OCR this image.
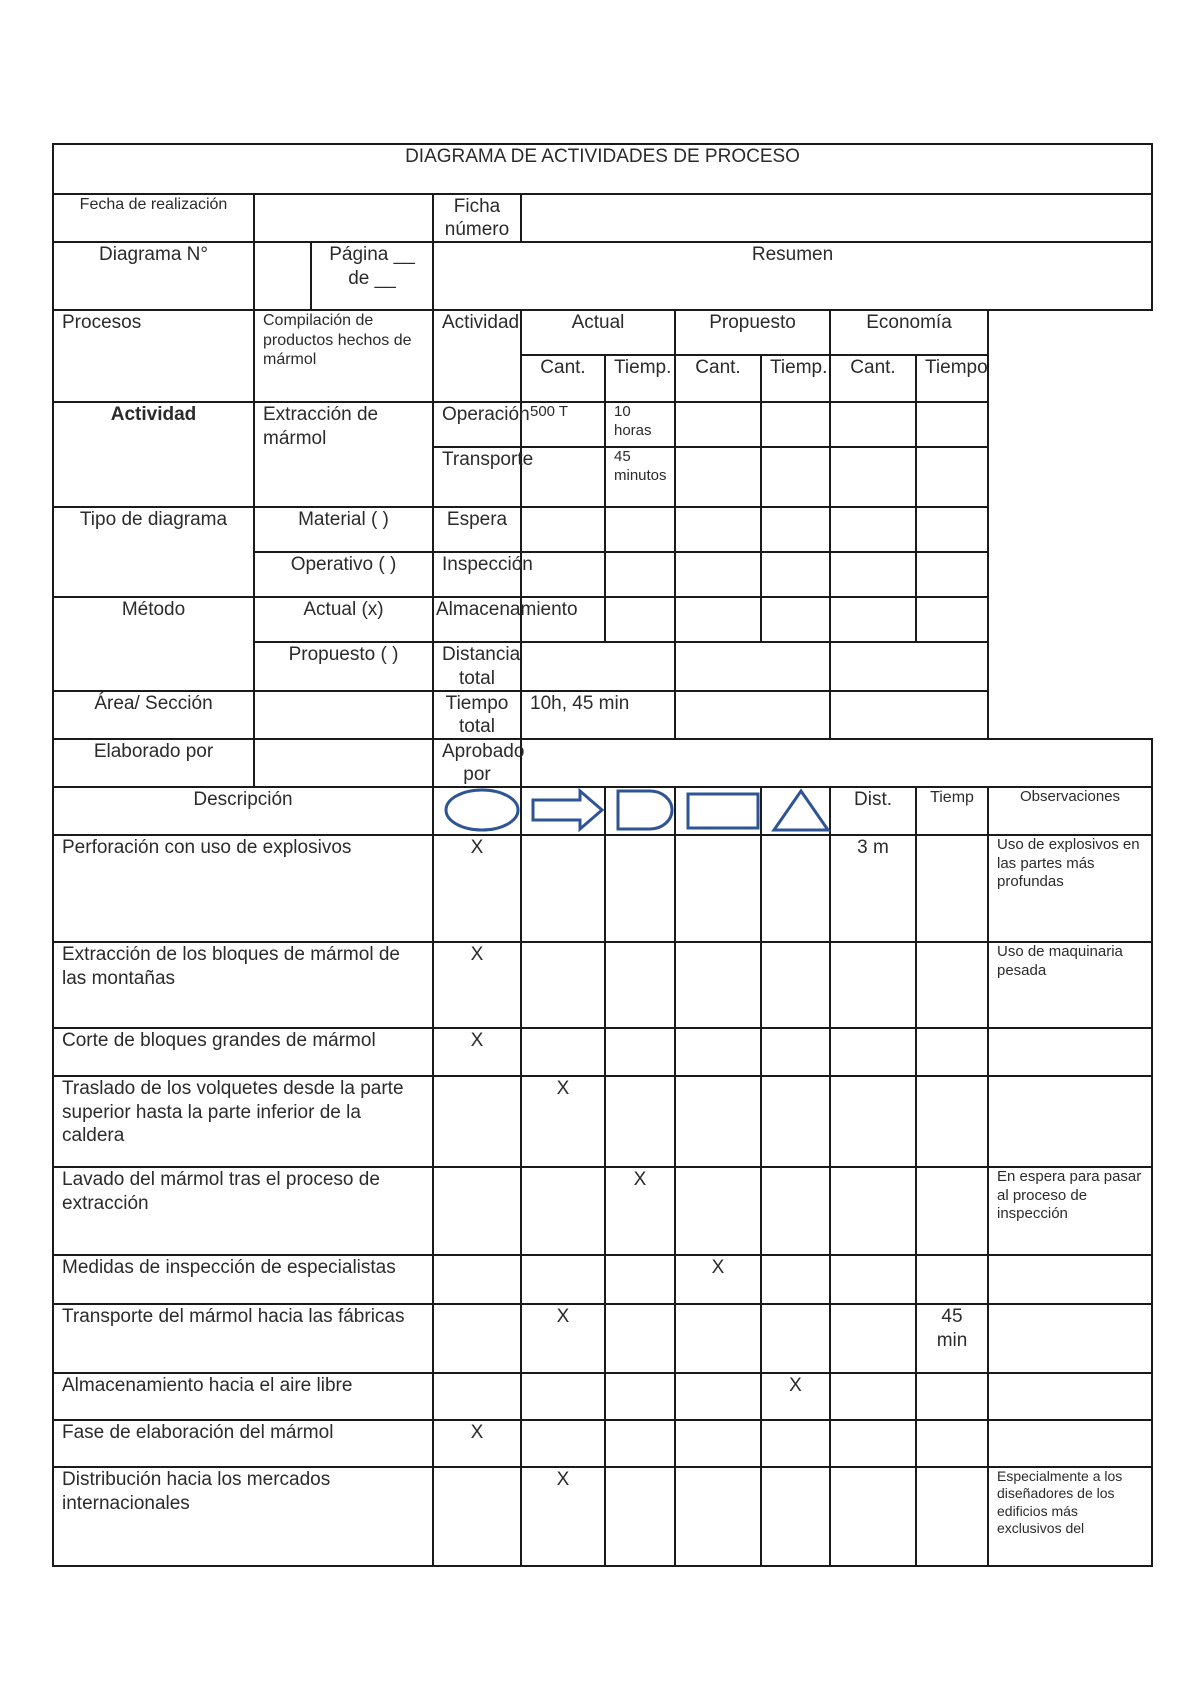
DIAGRAMA DE ACTIVIDADES DE PROCESO										
Fecha de realización			Ficha número							
Diagrama N°		Página __ de __	Resumen							
Procesos	Compilación de productos hechos de mármol		Actividad	Actual		Propuesto		Economía		
				Cant.	Tiemp.	Cant.	Tiemp.	Cant.	Tiempo	
Actividad	Extracción de mármol		Operación	500 T	10 horas					
			Transporte		45 minutos					
Tipo de diagrama	Material ( )		Espera							
	Operativo ( )		Inspección							
Método	Actual (x)		Almacenamiento							
	Propuesto ( )		Distancia total							
Área/ Sección			Tiempo total	10h, 45 min						
Elaborado por			Aprobado por							
Descripción								Dist.	Tiemp	Observaciones
Perforación con uso de explosivos			X					3 m		Uso de explosivos en las partes más profundas
Extracción de los bloques de mármol de las montañas			X							Uso de maquinaria pesada
Corte de bloques grandes de mármol			X							
Traslado de los volquetes desde la parte superior hasta la parte inferior de la caldera				X						
Lavado del mármol tras el proceso de extracción					X					En espera para pasar al proceso de inspección
Medidas de inspección de especialistas						X				
Transporte del mármol hacia las fábricas				X					45 min	
Almacenamiento hacia el aire libre							X			
Fase de elaboración del mármol			X							
Distribución hacia los mercados internacionales				X						Especialmente a los diseñadores de los edificios más exclusivos del
